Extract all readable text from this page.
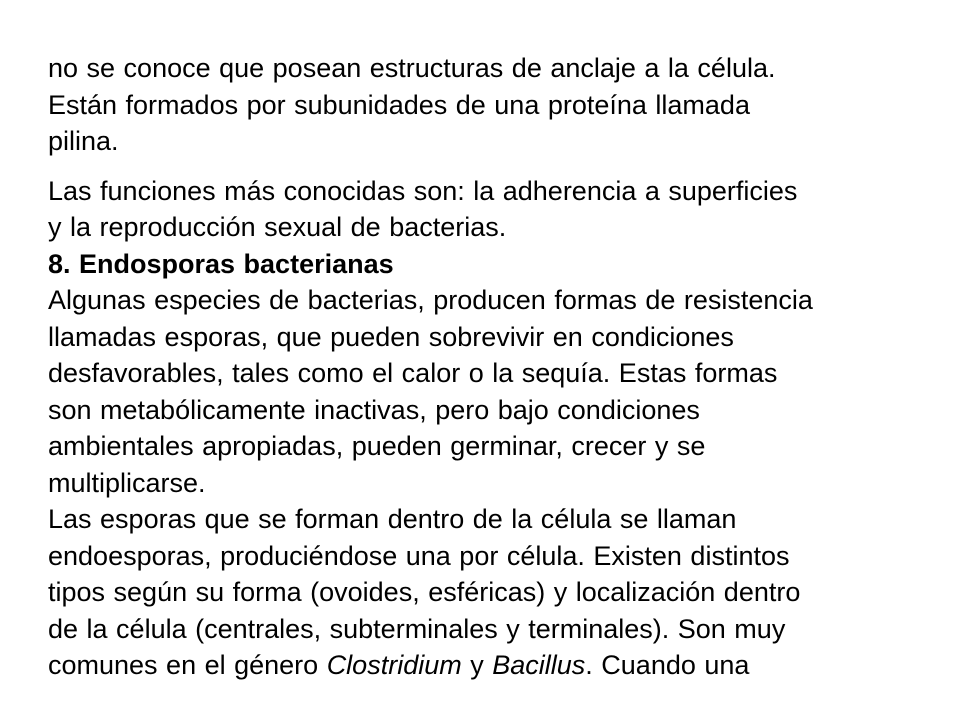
no se conoce que posean estructuras de anclaje a la célula.
Están formados por subunidades de una proteína llamada
pilina.

Las funciones más conocidas son: la adherencia a superficies
y la reproducción sexual de bacterias.

8. Endosporas bacterianas

Algunas especies de bacterias, producen formas de resistencia
llamadas esporas, que pueden sobrevivir en condiciones
desfavorables, tales como el calor o la sequía. Estas formas
son metabólicamente inactivas, pero bajo condiciones
ambientales apropiadas, pueden germinar, crecer y se
multiplicarse.

Las esporas que se forman dentro de la célula se llaman
endoesporas, produciéndose una por célula. Existen distintos
tipos según su forma (ovoides, esféricas) y localización dentro
de la célula (centrales, subterminales y terminales). Son muy
comunes en el género Clostridium y Bacillus. Cuando una
